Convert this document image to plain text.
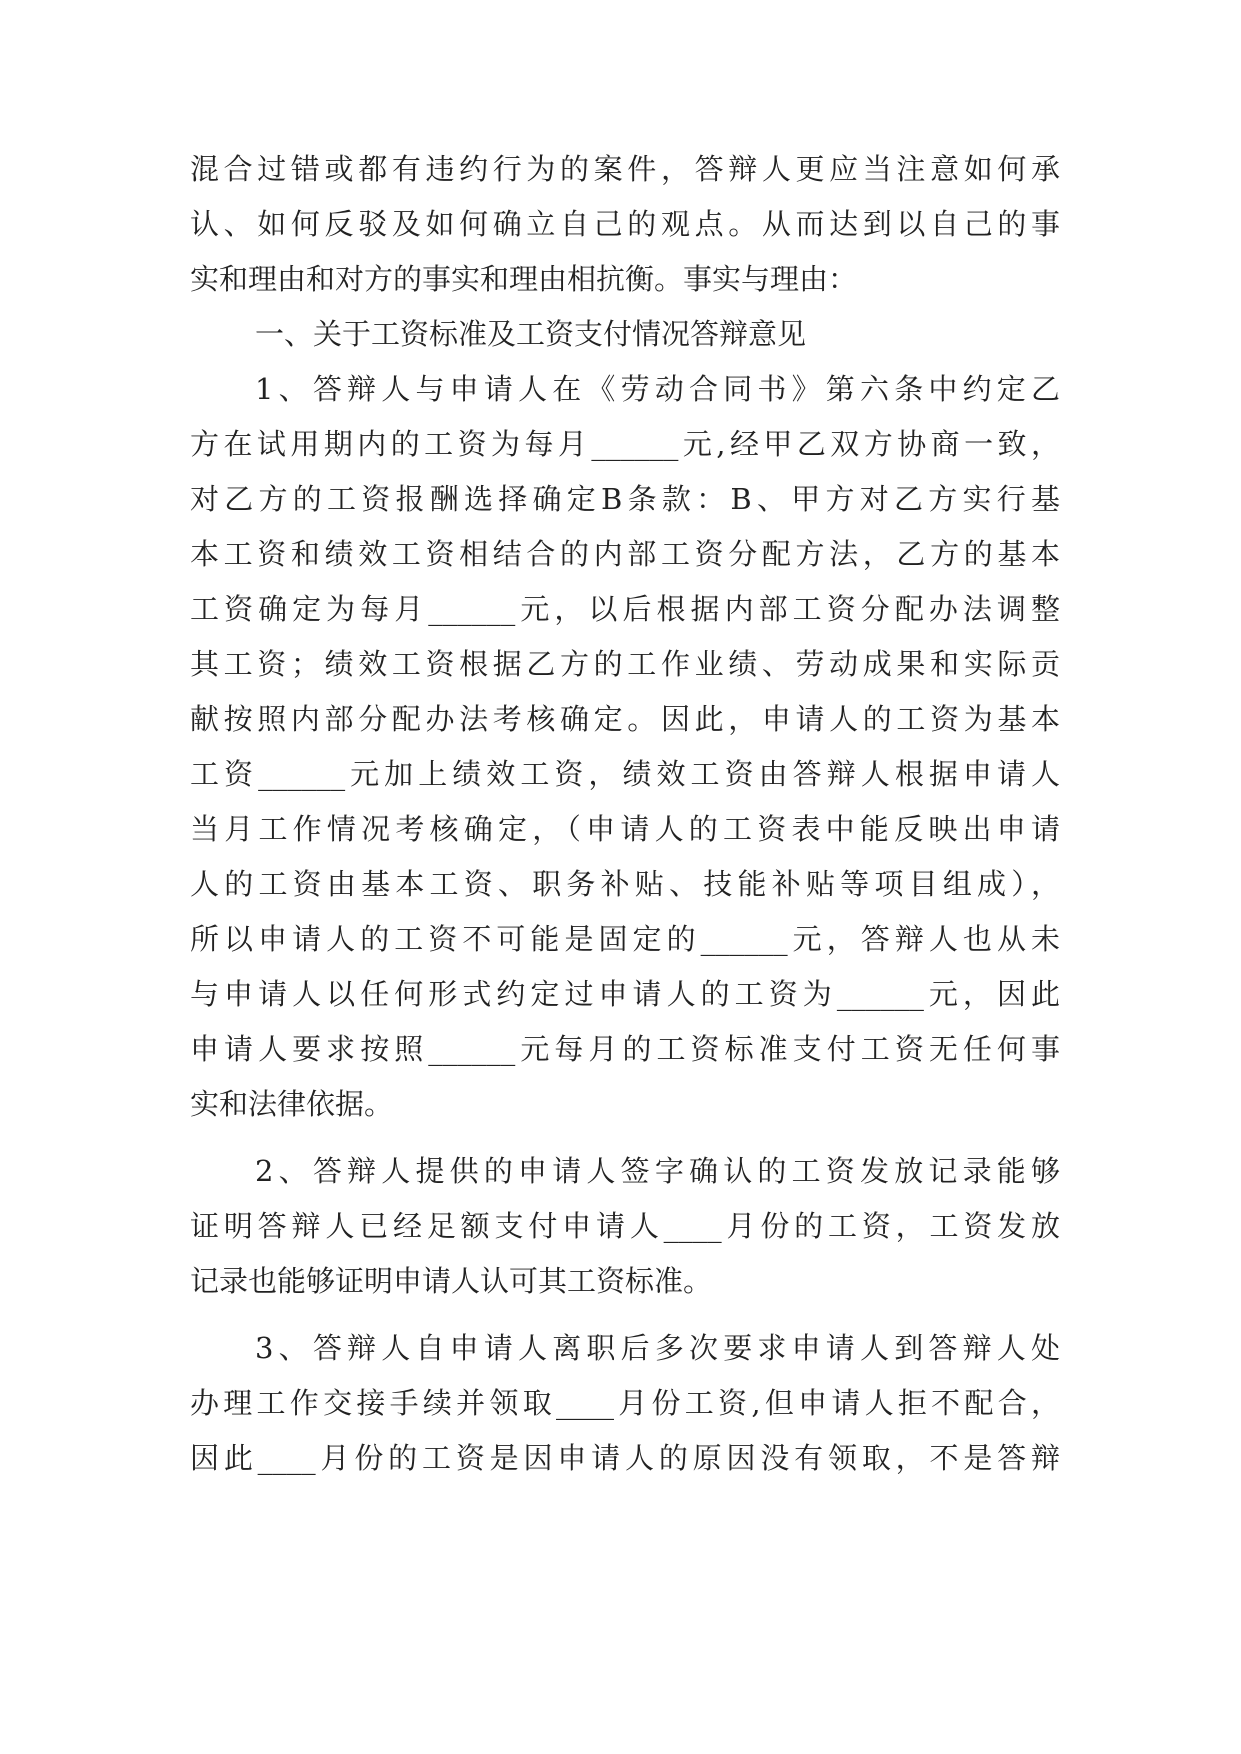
混合过错或都有违约行为的案件，答辩人更应当注意如何承
认、如何反驳及如何确立自己的观点。从而达到以自己的事
实和理由和对方的事实和理由相抗衡。事实与理由：
一、关于工资标准及工资支付情况答辩意见
1、答辩人与申请人在《劳动合同书》第六条中约定乙
方在试用期内的工资为每月______元,经甲乙双方协商一致，
对乙方的工资报酬选择确定B条款：B、甲方对乙方实行基
本工资和绩效工资相结合的内部工资分配方法，乙方的基本
工资确定为每月______元，以后根据内部工资分配办法调整
其工资；绩效工资根据乙方的工作业绩、劳动成果和实际贡
献按照内部分配办法考核确定。因此，申请人的工资为基本
工资______元加上绩效工资，绩效工资由答辩人根据申请人
当月工作情况考核确定，（申请人的工资表中能反映出申请
人的工资由基本工资、职务补贴、技能补贴等项目组成），
所以申请人的工资不可能是固定的______元，答辩人也从未
与申请人以任何形式约定过申请人的工资为______元，因此
申请人要求按照______元每月的工资标准支付工资无任何事
实和法律依据。
2、答辩人提供的申请人签字确认的工资发放记录能够
证明答辩人已经足额支付申请人____月份的工资，工资发放
记录也能够证明申请人认可其工资标准。
3、答辩人自申请人离职后多次要求申请人到答辩人处
办理工作交接手续并领取____月份工资,但申请人拒不配合，
因此____月份的工资是因申请人的原因没有领取，不是答辩
